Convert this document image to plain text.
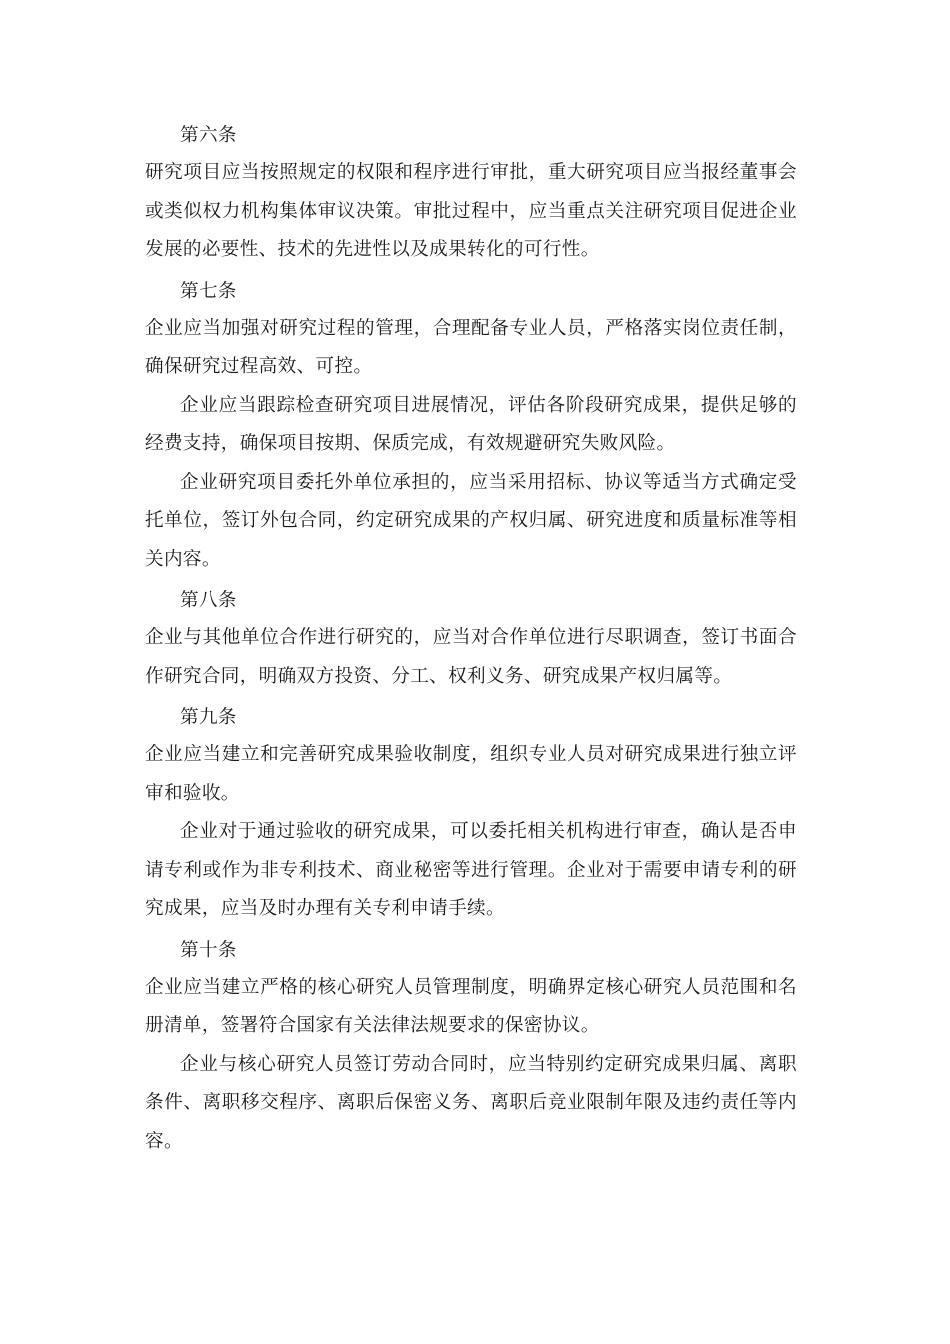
第六条

研究项目应当按照规定的权限和程序进行审批，重大研究项目应当报经董事会或类似权力机构集体审议决策。审批过程中，应当重点关注研究项目促进企业发展的必要性、技术的先进性以及成果转化的可行性。

第七条

企业应当加强对研究过程的管理，合理配备专业人员，严格落实岗位责任制，确保研究过程高效、可控。

企业应当跟踪检查研究项目进展情况，评估各阶段研究成果，提供足够的经费支持，确保项目按期、保质完成，有效规避研究失败风险。

企业研究项目委托外单位承担的，应当采用招标、协议等适当方式确定受托单位，签订外包合同，约定研究成果的产权归属、研究进度和质量标准等相关内容。

第八条

企业与其他单位合作进行研究的，应当对合作单位进行尽职调查，签订书面合作研究合同，明确双方投资、分工、权利义务、研究成果产权归属等。

第九条

企业应当建立和完善研究成果验收制度，组织专业人员对研究成果进行独立评审和验收。

企业对于通过验收的研究成果，可以委托相关机构进行审查，确认是否申请专利或作为非专利技术、商业秘密等进行管理。企业对于需要申请专利的研究成果，应当及时办理有关专利申请手续。

第十条

企业应当建立严格的核心研究人员管理制度，明确界定核心研究人员范围和名册清单，签署符合国家有关法律法规要求的保密协议。

企业与核心研究人员签订劳动合同时，应当特别约定研究成果归属、离职条件、离职移交程序、离职后保密义务、离职后竞业限制年限及违约责任等内容。
